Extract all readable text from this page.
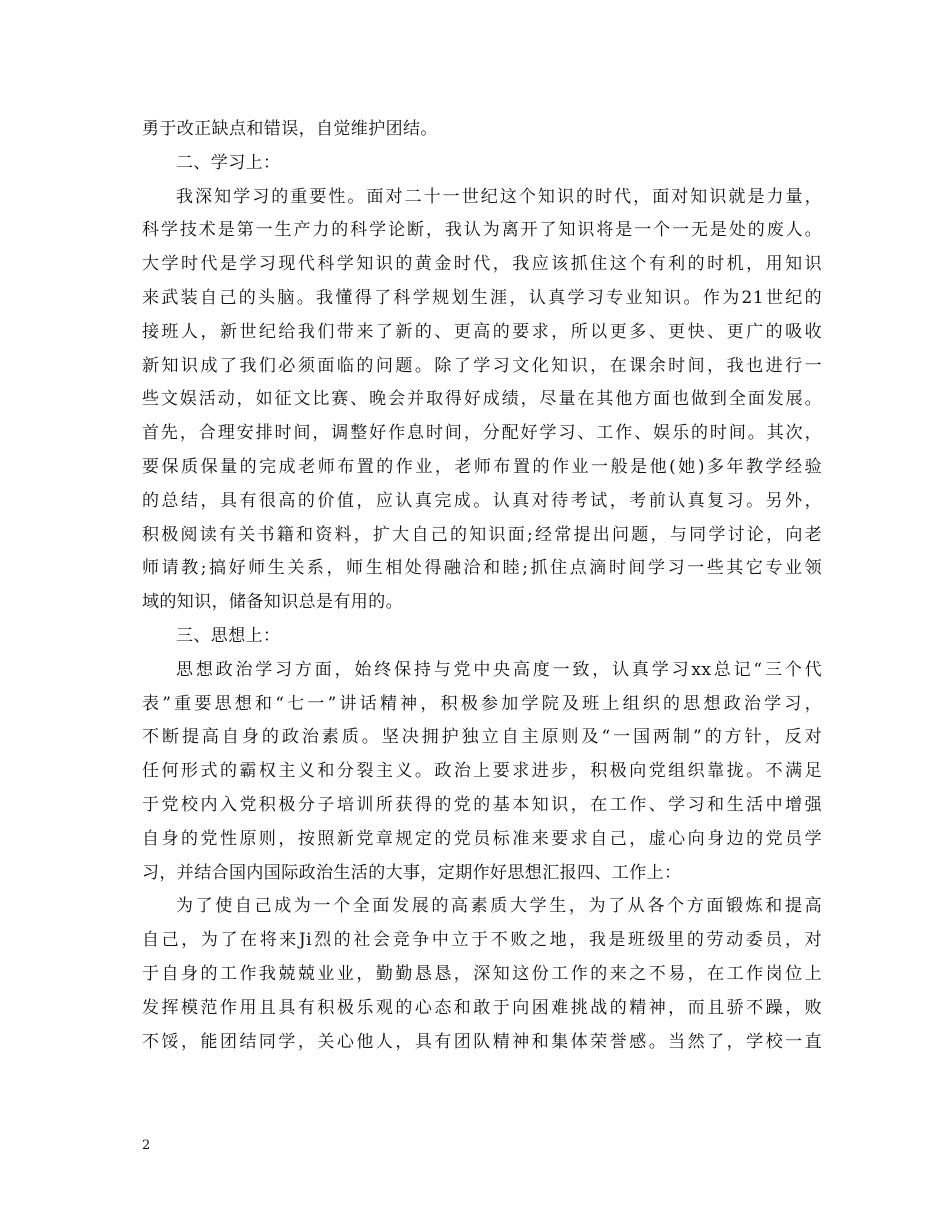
勇于改正缺点和错误，自觉维护团结。
二、学习上：
我深知学习的重要性。面对二十一世纪这个知识的时代，面对知识就是力量，
科学技术是第一生产力的科学论断，我认为离开了知识将是一个一无是处的废人。
大学时代是学习现代科学知识的黄金时代，我应该抓住这个有利的时机，用知识
来武装自己的头脑。我懂得了科学规划生涯，认真学习专业知识。作为21世纪的
接班人，新世纪给我们带来了新的、更高的要求，所以更多、更快、更广的吸收
新知识成了我们必须面临的问题。除了学习文化知识，在课余时间，我也进行一
些文娱活动，如征文比赛、晚会并取得好成绩，尽量在其他方面也做到全面发展。
首先，合理安排时间，调整好作息时间，分配好学习、工作、娱乐的时间。其次，
要保质保量的完成老师布置的作业，老师布置的作业一般是他(她)多年教学经验
的总结，具有很高的价值，应认真完成。认真对待考试，考前认真复习。另外，
积极阅读有关书籍和资料，扩大自己的知识面;经常提出问题，与同学讨论，向老
师请教;搞好师生关系，师生相处得融洽和睦;抓住点滴时间学习一些其它专业领
域的知识，储备知识总是有用的。
三、思想上：
思想政治学习方面，始终保持与党中央高度一致，认真学习xx总记“三个代
表”重要思想和“七一”讲话精神，积极参加学院及班上组织的思想政治学习，
不断提高自身的政治素质。坚决拥护独立自主原则及“一国两制”的方针，反对
任何形式的霸权主义和分裂主义。政治上要求进步，积极向党组织靠拢。不满足
于党校内入党积极分子培训所获得的党的基本知识，在工作、学习和生活中增强
自身的党性原则，按照新党章规定的党员标准来要求自己，虚心向身边的党员学
习，并结合国内国际政治生活的大事，定期作好思想汇报四、工作上：
为了使自己成为一个全面发展的高素质大学生，为了从各个方面锻炼和提高
自己，为了在将来Ji烈的社会竞争中立于不败之地，我是班级里的劳动委员，对
于自身的工作我兢兢业业，勤勤恳恳，深知这份工作的来之不易，在工作岗位上
发挥模范作用且具有积极乐观的心态和敢于向困难挑战的精神，而且骄不躁，败
不馁，能团结同学，关心他人，具有团队精神和集体荣誉感。当然了，学校一直
2
